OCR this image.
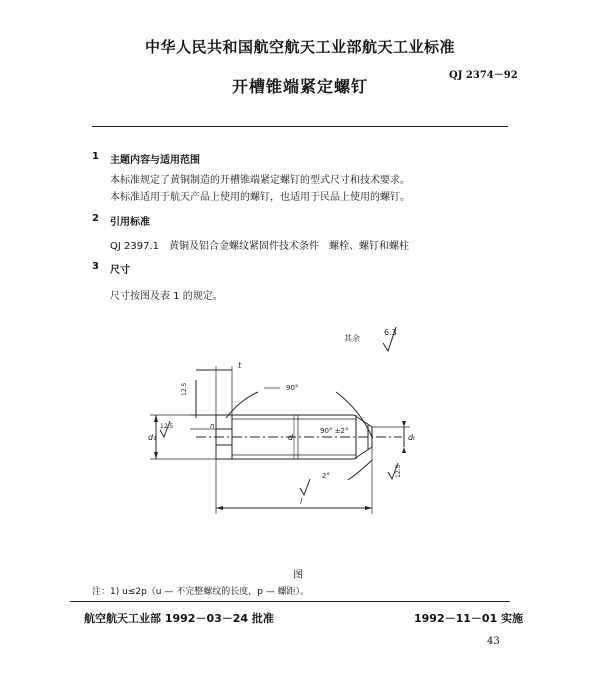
中华人民共和国航空航天工业部航天工业标准
QJ 2374－92
开槽锥端紧定螺钉
1 主题内容与适用范围
本标准规定了黄铜制造的开槽锥端紧定螺钉的型式尺寸和技术要求。
本标准适用于航天产品上使用的螺钉，也适用于民品上使用的螺钉。
2 引用标准
QJ 2397.1　黄铜及铝合金螺纹紧固件技术条件　螺栓、螺钉和螺柱
3 尺寸
尺寸按图及表 1 的规定。
其余
6.3
t
12.5	90°
90° ±2°
n
d₁
12.5
d	dₜ
12.5
2°
l
图
注：1) u≤2p（u — 不完整螺纹的长度，p — 螺距）。
航空航天工业部 1992－03－24 批准	1992－11－01 实施
43
